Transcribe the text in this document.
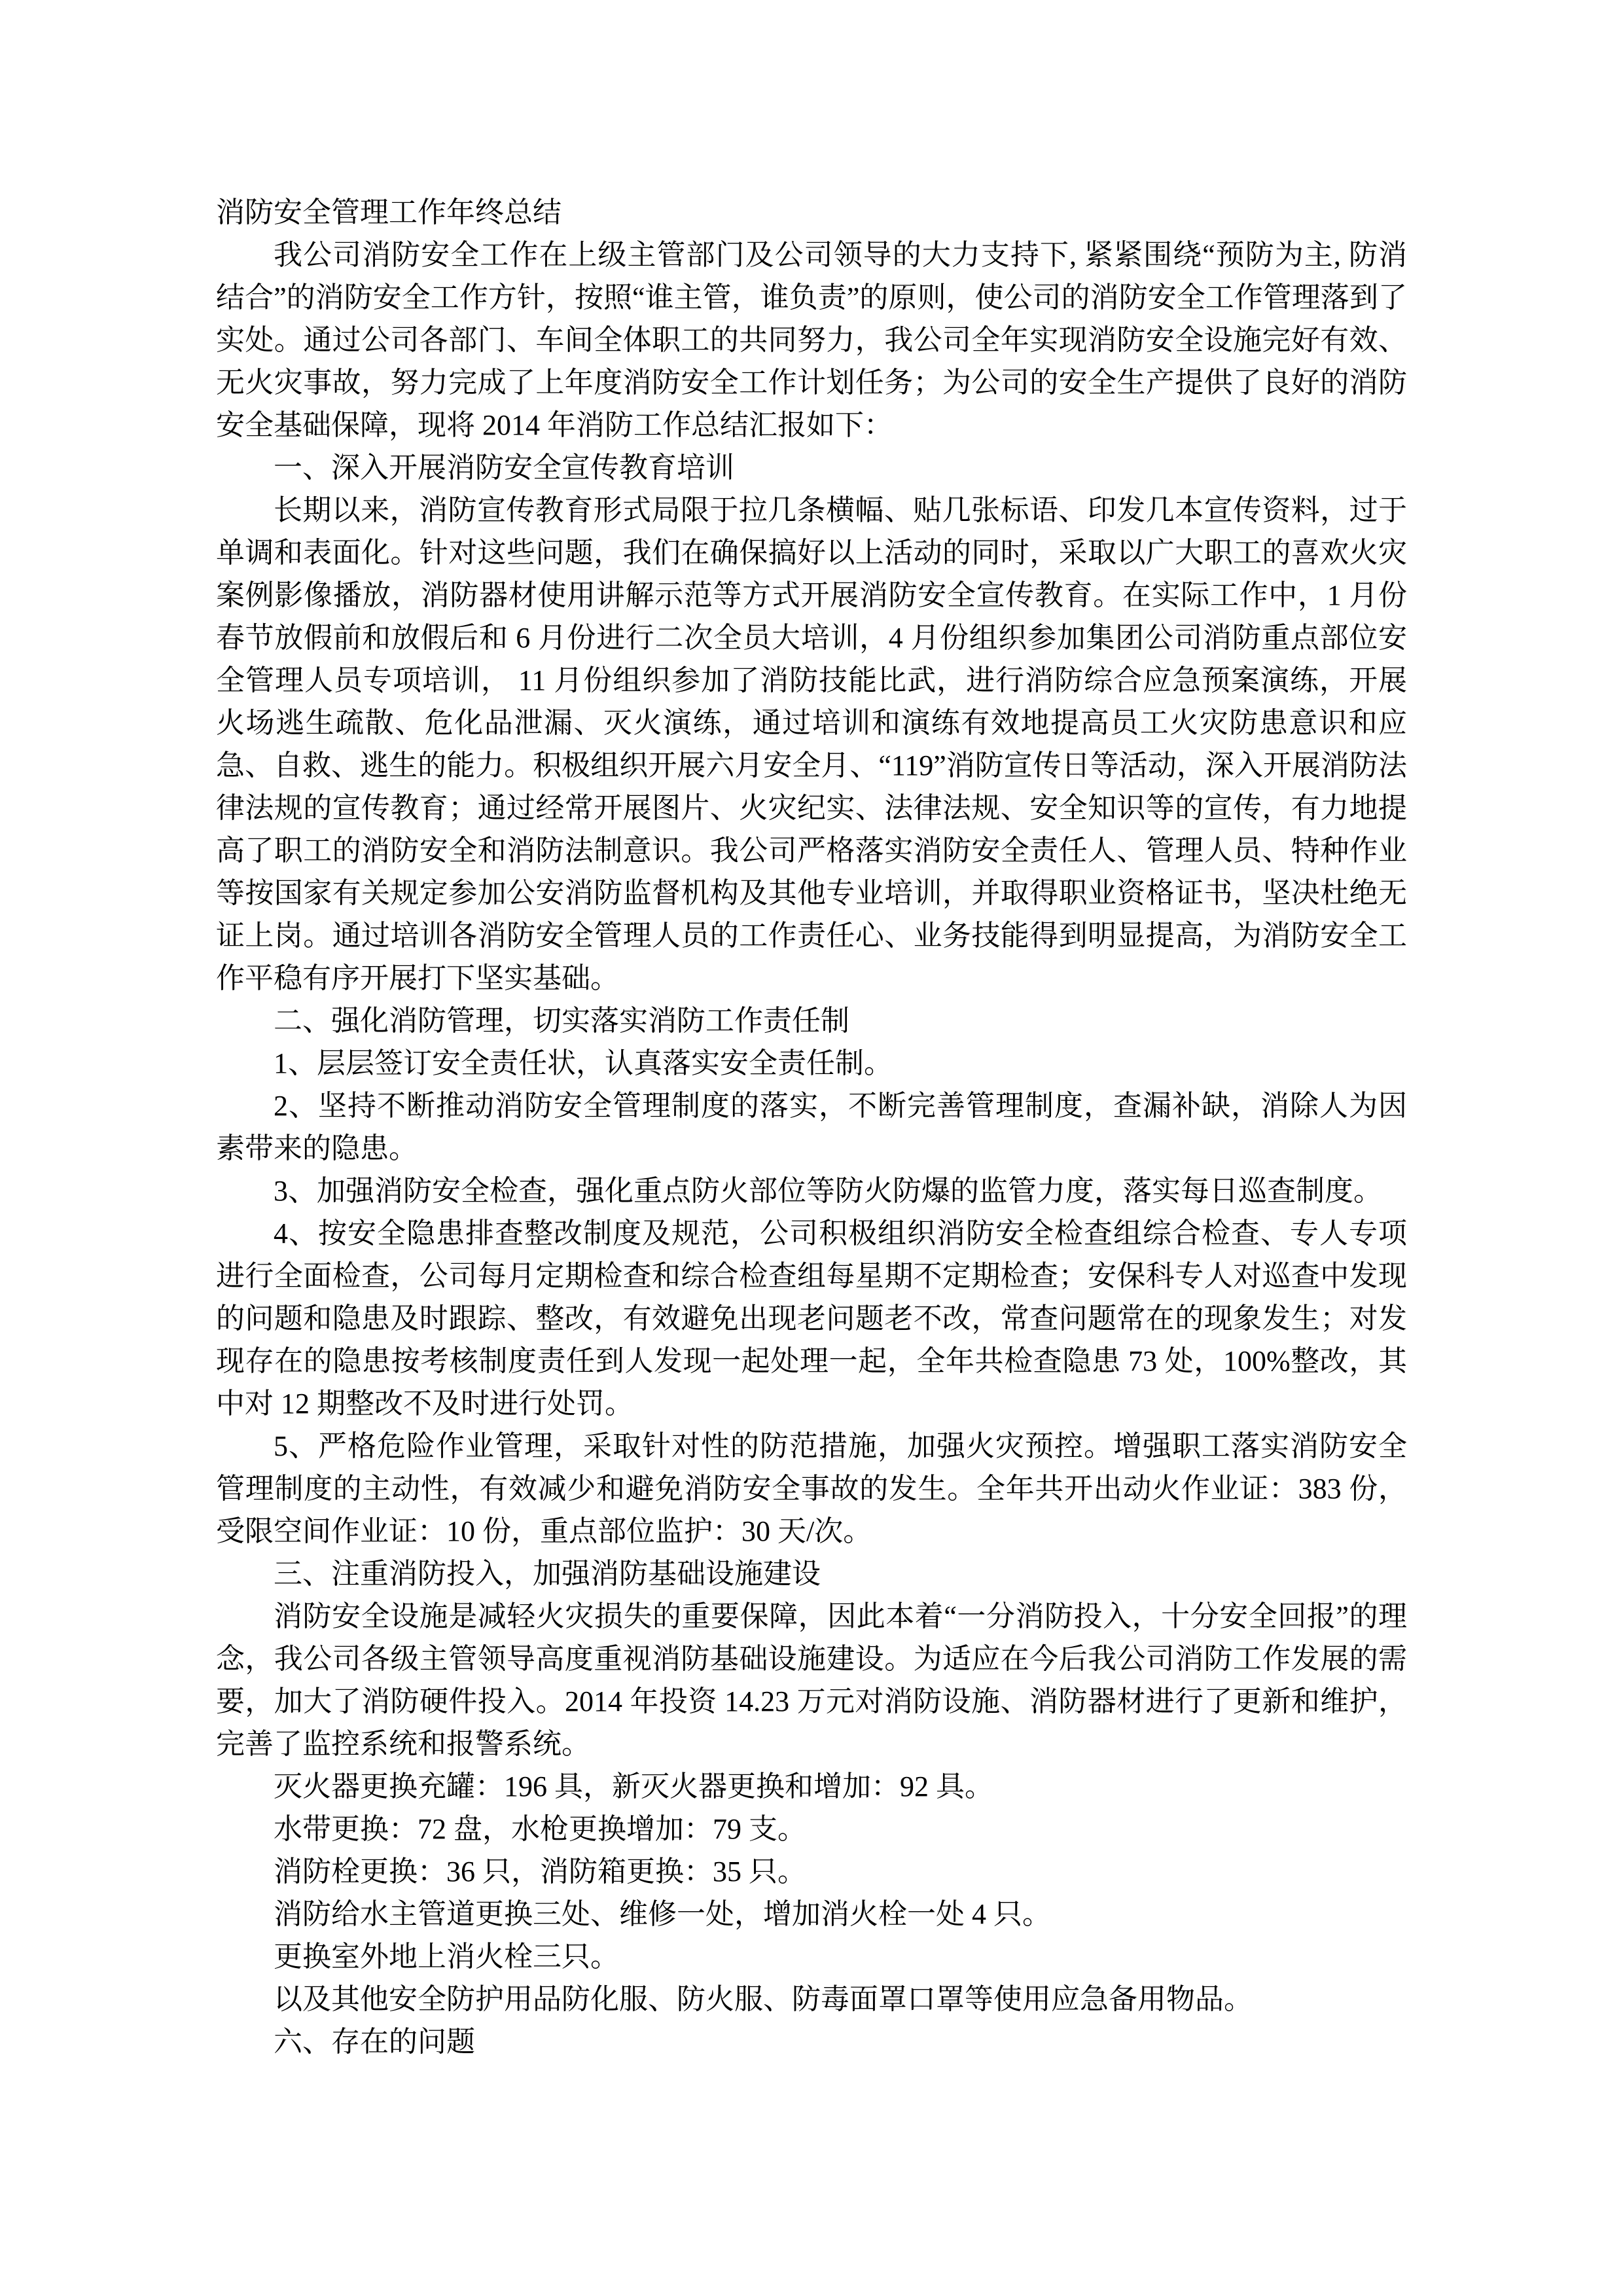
消防安全管理工作年终总结

我公司消防安全工作在上级主管部门及公司领导的大力支持下, 紧紧围绕“预防为主, 防消结合”的消防安全工作方针，按照“谁主管，谁负责”的原则，使公司的消防安全工作管理落到了实处。通过公司各部门、车间全体职工的共同努力，我公司全年实现消防安全设施完好有效、无火灾事故，努力完成了上年度消防安全工作计划任务；为公司的安全生产提供了良好的消防安全基础保障，现将 2014 年消防工作总结汇报如下：

一、深入开展消防安全宣传教育培训

长期以来，消防宣传教育形式局限于拉几条横幅、贴几张标语、印发几本宣传资料，过于单调和表面化。针对这些问题，我们在确保搞好以上活动的同时，采取以广大职工的喜欢火灾案例影像播放，消防器材使用讲解示范等方式开展消防安全宣传教育。在实际工作中，1 月份春节放假前和放假后和 6 月份进行二次全员大培训，4 月份组织参加集团公司消防重点部位安全管理人员专项培训， 11 月份组织参加了消防技能比武，进行消防综合应急预案演练，开展火场逃生疏散、危化品泄漏、灭火演练，通过培训和演练有效地提高员工火灾防患意识和应急、自救、逃生的能力。积极组织开展六月安全月、“119”消防宣传日等活动，深入开展消防法律法规的宣传教育；通过经常开展图片、火灾纪实、法律法规、安全知识等的宣传，有力地提高了职工的消防安全和消防法制意识。我公司严格落实消防安全责任人、管理人员、特种作业等按国家有关规定参加公安消防监督机构及其他专业培训，并取得职业资格证书，坚决杜绝无证上岗。通过培训各消防安全管理人员的工作责任心、业务技能得到明显提高，为消防安全工作平稳有序开展打下坚实基础。

二、强化消防管理，切实落实消防工作责任制

1、层层签订安全责任状，认真落实安全责任制。

2、坚持不断推动消防安全管理制度的落实，不断完善管理制度，查漏补缺，消除人为因素带来的隐患。

3、加强消防安全检查，强化重点防火部位等防火防爆的监管力度，落实每日巡查制度。

4、按安全隐患排查整改制度及规范，公司积极组织消防安全检查组综合检查、专人专项进行全面检查，公司每月定期检查和综合检查组每星期不定期检查；安保科专人对巡查中发现的问题和隐患及时跟踪、整改，有效避免出现老问题老不改，常查问题常在的现象发生；对发现存在的隐患按考核制度责任到人发现一起处理一起，全年共检查隐患 73 处，100%整改，其中对 12 期整改不及时进行处罚。

5、严格危险作业管理，采取针对性的防范措施，加强火灾预控。增强职工落实消防安全管理制度的主动性，有效减少和避免消防安全事故的发生。全年共开出动火作业证：383 份，受限空间作业证：10 份，重点部位监护：30 天/次。

三、注重消防投入，加强消防基础设施建设

消防安全设施是减轻火灾损失的重要保障，因此本着“一分消防投入，十分安全回报”的理念，我公司各级主管领导高度重视消防基础设施建设。为适应在今后我公司消防工作发展的需要，加大了消防硬件投入。2014 年投资 14.23 万元对消防设施、消防器材进行了更新和维护，完善了监控系统和报警系统。

灭火器更换充罐：196 具，新灭火器更换和增加：92 具。

水带更换：72 盘，水枪更换增加：79 支。

消防栓更换：36 只，消防箱更换：35 只。

消防给水主管道更换三处、维修一处，增加消火栓一处 4 只。

更换室外地上消火栓三只。

以及其他安全防护用品防化服、防火服、防毒面罩口罩等使用应急备用物品。

六、存在的问题
